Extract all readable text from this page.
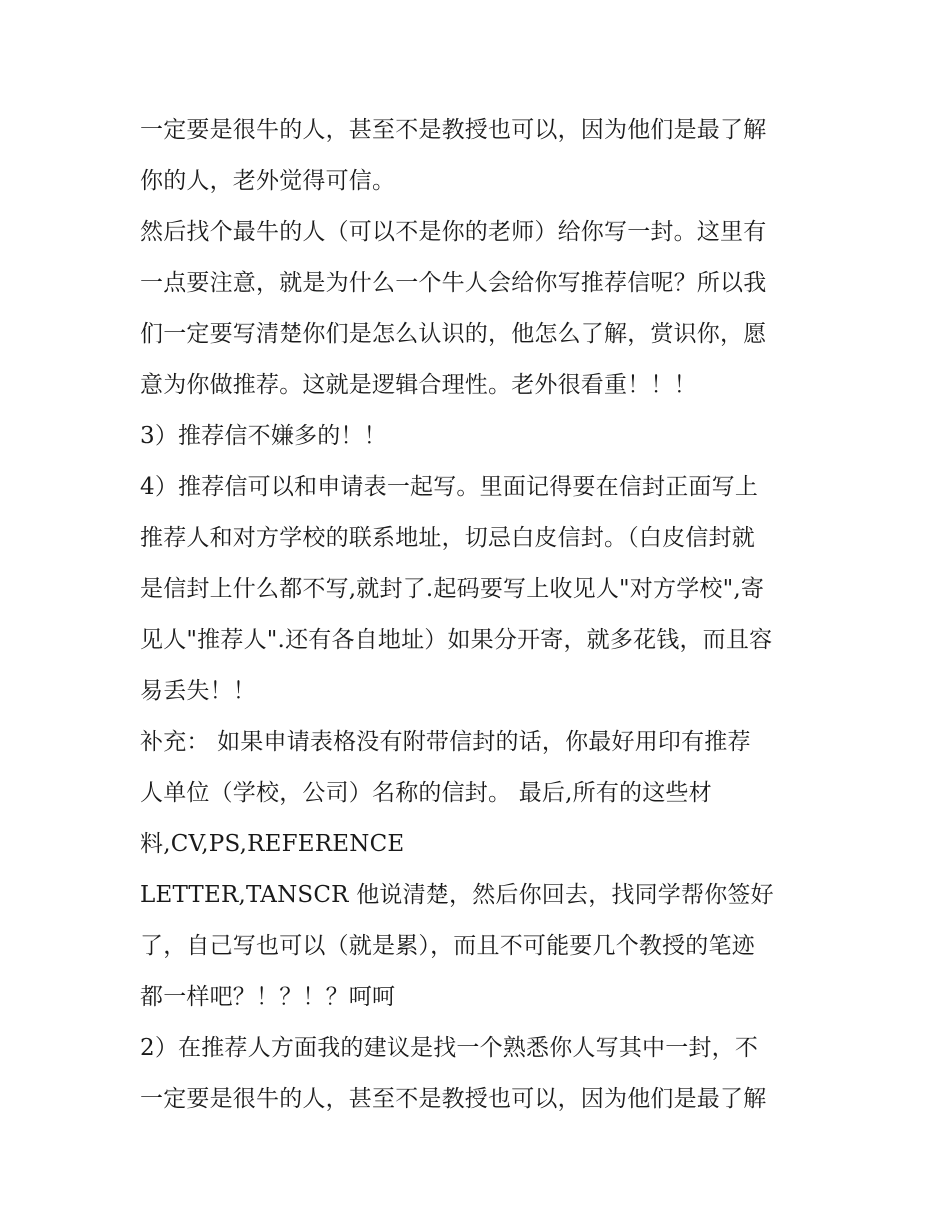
一定要是很牛的人，甚至不是教授也可以，因为他们是最了解
你的人，老外觉得可信。
然后找个最牛的人（可以不是你的老师）给你写一封。这里有
一点要注意，就是为什么一个牛人会给你写推荐信呢？所以我
们一定要写清楚你们是怎么认识的，他怎么了解，赏识你，愿
意为你做推荐。这就是逻辑合理性。老外很看重！！！
3）推荐信不嫌多的！！
4）推荐信可以和申请表一起写。里面记得要在信封正面写上
推荐人和对方学校的联系地址，切忌白皮信封。（白皮信封就
是信封上什么都不写,就封了.起码要写上收见人"对方学校",寄
见人"推荐人".还有各自地址）如果分开寄，就多花钱，而且容
易丢失！！
补充： 如果申请表格没有附带信封的话，你最好用印有推荐
人单位（学校，公司）名称的信封。 最后,所有的这些材
料,CV,PS,REFERENCE
LETTER,TANSCR 他说清楚，然后你回去，找同学帮你签好
了，自己写也可以（就是累），而且不可能要几个教授的笔迹
都一样吧？！？！？呵呵
2）在推荐人方面我的建议是找一个熟悉你人写其中一封，不
一定要是很牛的人，甚至不是教授也可以，因为他们是最了解
